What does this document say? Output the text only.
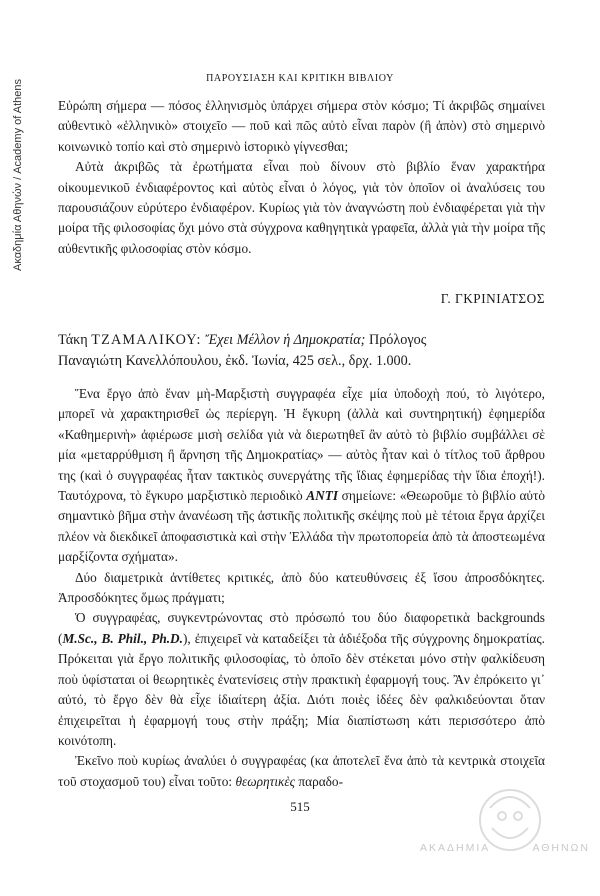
Ακαδημία Αθηνών / Academy of Athens
ΠΑΡΟΥΣΙΑΣΗ ΚΑΙ ΚΡΙΤΙΚΗ ΒΙΒΛΙΟΥ

Εὐρώπη σήμερα — πόσος ἑλληνισμὸς ὑπάρχει σήμερα στὸν κόσμο; Τί ἀκριβῶς σημαίνει αὐθεντικὸ «ἑλληνικὸ» στοιχεῖο — ποῦ καὶ πῶς αὐτὸ εἶναι παρὸν (ἢ ἀπὸν) στὸ σημερινὸ κοινωνικὸ τοπίο καὶ στὸ σημερινὸ ἱστορικὸ γίγνεσθαι;

Αὐτὰ ἀκριβῶς τὰ ἐρωτήματα εἶναι ποὺ δίνουν στὸ βιβλίο ἕναν χαρακτήρα οἰκουμενικοῦ ἐνδιαφέροντος καὶ αὐτὸς εἶναι ὁ λόγος, γιὰ τὸν ὁποῖον οἱ ἀναλύσεις του παρουσιάζουν εὐρύτερο ἐνδιαφέρον. Κυρίως γιὰ τὸν ἀναγνώστη ποὺ ἐνδιαφέρεται γιὰ τὴν μοίρα τῆς φιλοσοφίας ὄχι μόνο στὰ σύγχρονα καθηγητικὰ γραφεῖα, ἀλλὰ γιὰ τὴν μοίρα τῆς αὐθεντικῆς φιλοσοφίας στὸν κόσμο.

Γ. ΓΚΡΙΝΙΑΤΣΟΣ

Τάκη ΤΖΑΜΑΛΙΚΟΥ: Ἔχει Μέλλον ἡ Δημοκρατία; Πρόλογος
Παναγιώτη Κανελλόπουλου, ἐκδ. Ἰωνία, 425 σελ., δρχ. 1.000.

Ἕνα ἔργο ἀπὸ ἕναν μὴ-Μαρξιστὴ συγγραφέα εἶχε μία ὑποδοχὴ πού, τὸ λιγότερο, μπορεῖ νὰ χαρακτηρισθεῖ ὡς περίεργη. Ἡ ἔγκυρη (ἀλλὰ καὶ συντηρητική) ἐφημερίδα «Καθημερινὴ» ἀφιέρωσε μισὴ σελίδα γιὰ νὰ διερωτηθεῖ ἂν αὐτὸ τὸ βιβλίο συμβάλλει σὲ μία «μεταρρύθμιση ἢ ἄρνηση τῆς Δημοκρατίας» — αὐτὸς ἦταν καὶ ὁ τίτλος τοῦ ἄρθρου της (καὶ ὁ συγγραφέας ἦταν τακτικὸς συνεργάτης τῆς ἴδιας ἐφημερίδας τὴν ἴδια ἐποχή!). Ταυτόχρονα, τὸ ἔγκυρο μαρξιστικὸ περιοδικὸ ANTI σημείωνε: «Θεωροῦμε τὸ βιβλίο αὐτὸ σημαντικὸ βῆμα στὴν ἀνανέωση τῆς ἀστικῆς πολιτικῆς σκέψης ποὺ μὲ τέτοια ἔργα ἀρχίζει πλέον νὰ διεκδικεῖ ἀποφασιστικὰ καὶ στὴν Ἑλλάδα τὴν πρωτοπορεία ἀπὸ τὰ ἀποστεωμένα μαρξίζοντα σχήματα».

Δύο διαμετρικὰ ἀντίθετες κριτικές, ἀπὸ δύο κατευθύνσεις ἐξ ἴσου ἀπροσδόκητες. Ἀπροσδόκητες ὅμως πράγματι;

Ὁ συγγραφέας, συγκεντρώνοντας στὸ πρόσωπό του δύο διαφορετικὰ backgrounds (M.Sc., B. Phil., Ph.D.), ἐπιχειρεῖ νὰ καταδείξει τὰ ἀδιέξοδα τῆς σύγχρονης δημοκρατίας. Πρόκειται γιὰ ἔργο πολιτικῆς φιλοσοφίας, τὸ ὁποῖο δὲν στέκεται μόνο στὴν φαλκίδευση ποὺ ὑφίσταται οἱ θεωρητικὲς ἐνατενίσεις στὴν πρακτικὴ ἐφαρμογή τους. Ἂν ἐπρόκειτο γι᾿ αὐτό, τὸ ἔργο δὲν θὰ εἶχε ἰδιαίτερη ἀξία. Διότι ποιὲς ἰδέες δὲν φαλκιδεύονται ὅταν ἐπιχειρεῖται ἡ ἐφαρμογή τους στὴν πράξη; Μία διαπίστωση κάτι περισσότερο ἀπὸ κοινότοπη.

Ἐκεῖνο ποὺ κυρίως ἀναλύει ὁ συγγραφέας (κα ἀποτελεῖ ἕνα ἀπὸ τὰ κεντρικὰ στοιχεῖα τοῦ στοχασμοῦ του) εἶναι τοῦτο: θεωρητικὲς παραδο-

515
ΑΚΑΔΗΜΙΑ	ΑΘΗΝΩΝ
